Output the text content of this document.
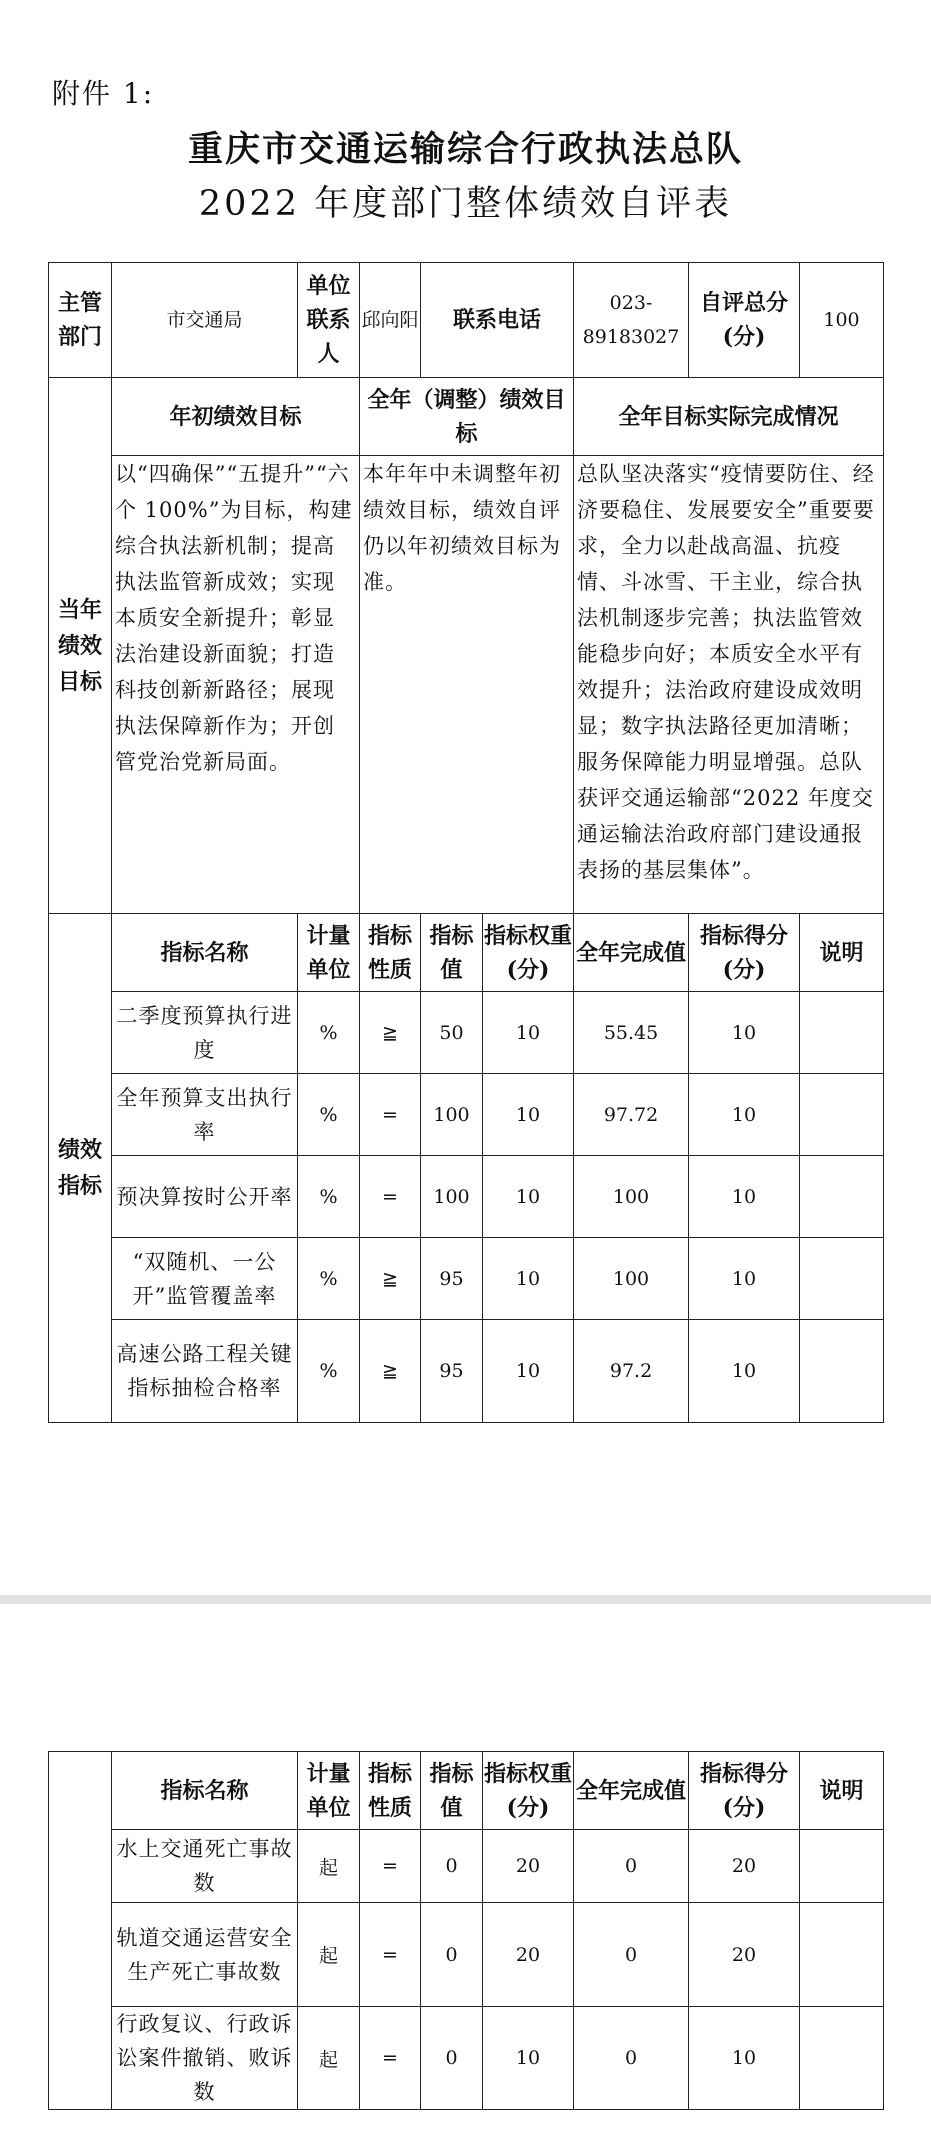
附件 1:
重庆市交通运输综合行政执法总队
2022 年度部门整体绩效自评表
主管部门	市交通局	单位联系人	邱向阳	联系电话		023-89183027	自评总分(分)	100
当年绩效目标	年初绩效目标		全年（调整）绩效目标			全年目标实际完成情况		
	以“四确保”“五提升”“六个 100%”为目标，构建综合执法新机制；提高执法监管新成效；实现本质安全新提升；彰显法治建设新面貌；打造科技创新新路径；展现执法保障新作为；开创管党治党新局面。		本年年中未调整年初绩效目标，绩效自评仍以年初绩效目标为准。			总队坚决落实“疫情要防住、经济要稳住、发展要安全”重要要求，全力以赴战高温、抗疫情、斗冰雪、干主业，综合执法机制逐步完善；执法监管效能稳步向好；本质安全水平有效提升；法治政府建设成效明显；数字执法路径更加清晰；服务保障能力明显增强。总队获评交通运输部“2022 年度交通运输法治政府部门建设通报表扬的基层集体”。		
绩效指标	指标名称	计量单位	指标性质	指标值	指标权重(分)	全年完成值	指标得分(分)	说明
	二季度预算执行进度	%	≧	50	10	55.45	10	
	全年预算支出执行率	%	=	100	10	97.72	10	
	预决算按时公开率	%	=	100	10	100	10	
	“双随机、一公开”监管覆盖率	%	≧	95	10	100	10	
	高速公路工程关键指标抽检合格率	%	≧	95	10	97.2	10	
	指标名称	计量单位	指标性质	指标值	指标权重(分)	全年完成值	指标得分(分)	说明
	水上交通死亡事故数	起	=	0	20	0	20	
	轨道交通运营安全生产死亡事故数	起	=	0	20	0	20	
	行政复议、行政诉讼案件撤销、败诉数	起	=	0	10	0	10	
